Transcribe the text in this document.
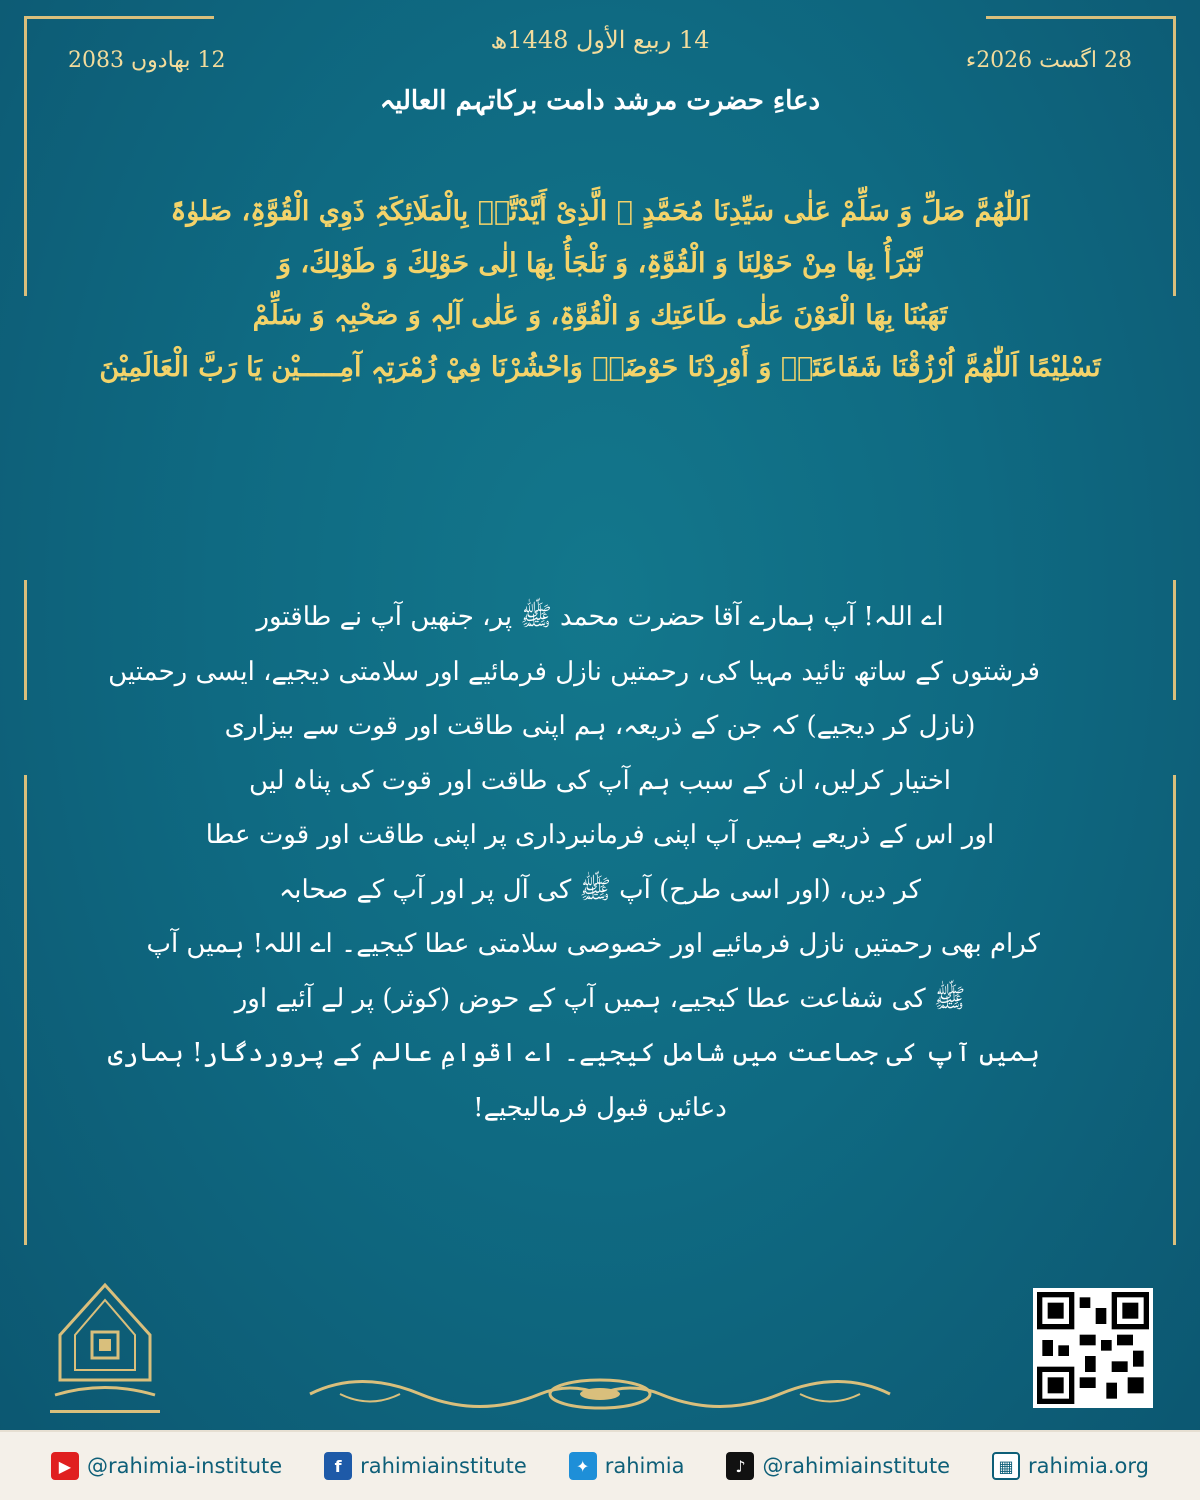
14 ربیع الأول 1448ھ
28 اگست 2026ء
12 بھادوں 2083
دعاءِ حضرت مرشد دامت برکاتہم العالیہ
اَللّٰھُمَّ صَلِّ وَ سَلِّمْ عَلٰی سَیِّدِنَا مُحَمَّدٍ ﷺ الَّذِیْ أَیَّدْتَّہٗ بِالْمَلَائِکَۃِ ذَوِي الْقُوَّۃِ، صَلوٰۃً
نَّبْرَأُ بِھَا مِنْ حَوْلِنَا وَ الْقُوَّۃِ، وَ نَلْجَأُ بِھَا اِلٰی حَوْلِكَ وَ طَوْلِكَ، وَ
تَھَبُنَا بِھَا الْعَوْنَ عَلٰی طَاعَتِك وَ الْقُوَّۃِ، وَ عَلٰی آلِہٖ وَ صَحْبِہٖ وَ سَلِّمْ
تَسْلِیْمًا اَللّٰھُمَّ اُرْزُقْنَا شَفَاعَتَہٗ وَ أَوْرِدْنَا حَوْضَہٗ وَاحْشُرْنَا فِيْ زُمْرَتِہٖ آمِـــــیْن یَا رَبَّ الْعَالَمِیْنَ
اے اللہ! آپ ہمارے آقا حضرت محمد ﷺ پر، جنھیں آپ نے طاقتور
فرشتوں کے ساتھ تائید مہیا کی، رحمتیں نازل فرمائیے اور سلامتی دیجیے، ایسی رحمتیں
(نازل کر دیجیے) کہ جن کے ذریعہ، ہم اپنی طاقت اور قوت سے بیزاری
اختیار کرلیں، ان کے سبب ہم آپ کی طاقت اور قوت کی پناہ لیں
اور اس کے ذریعے ہمیں آپ اپنی فرمانبرداری پر اپنی طاقت اور قوت عطا
کر دیں، (اور اسی طرح) آپ ﷺ کی آل پر اور آپ کے صحابہ
کرام بھی رحمتیں نازل فرمائیے اور خصوصی سلامتی عطا کیجیے۔ اے اللہ! ہمیں آپ
ﷺ کی شفاعت عطا کیجیے، ہمیں آپ کے حوض (کوثر) پر لے آئیے اور
ہمیں آپ کی جماعت میں شامل کیجیے۔ اے اقوامِ عالم کے پروردگار! ہماری
دعائیں قبول فرمالیجیے!
▶ @rahimia-institute	f rahimiainstitute	✦ rahimia	♪ @rahimiainstitute	▦ rahimia.org
